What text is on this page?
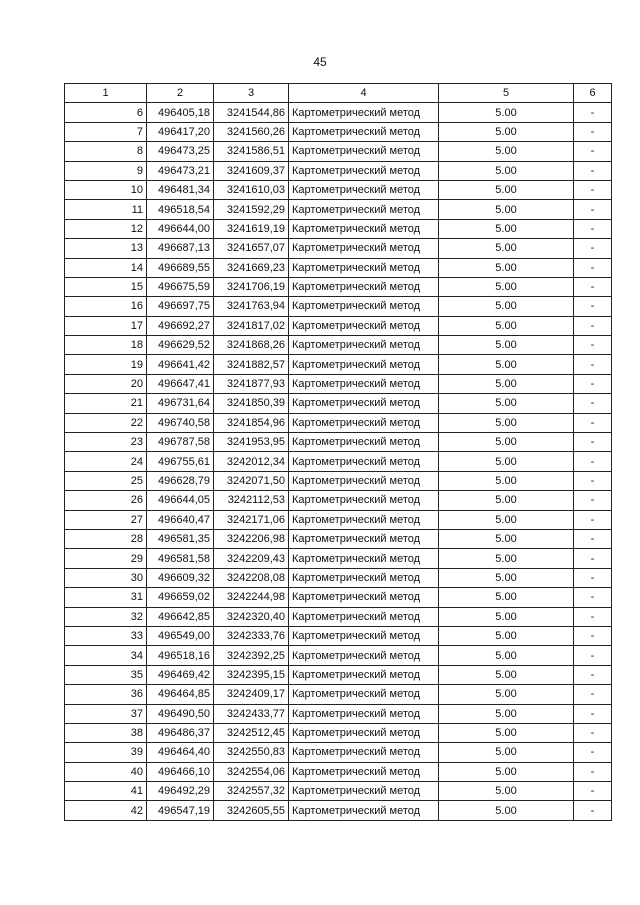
45
1	2	3	4	5	6
6	496405,18	3241544,86	Картометрический метод	5.00	-
7	496417,20	3241560,26	Картометрический метод	5.00	-
8	496473,25	3241586,51	Картометрический метод	5.00	-
9	496473,21	3241609,37	Картометрический метод	5.00	-
10	496481,34	3241610,03	Картометрический метод	5.00	-
11	496518,54	3241592,29	Картометрический метод	5.00	-
12	496644,00	3241619,19	Картометрический метод	5.00	-
13	496687,13	3241657,07	Картометрический метод	5.00	-
14	496689,55	3241669,23	Картометрический метод	5.00	-
15	496675,59	3241706,19	Картометрический метод	5.00	-
16	496697,75	3241763,94	Картометрический метод	5.00	-
17	496692,27	3241817,02	Картометрический метод	5.00	-
18	496629,52	3241868,26	Картометрический метод	5.00	-
19	496641,42	3241882,57	Картометрический метод	5.00	-
20	496647,41	3241877,93	Картометрический метод	5.00	-
21	496731,64	3241850,39	Картометрический метод	5.00	-
22	496740,58	3241854,96	Картометрический метод	5.00	-
23	496787,58	3241953,95	Картометрический метод	5.00	-
24	496755,61	3242012,34	Картометрический метод	5.00	-
25	496628,79	3242071,50	Картометрический метод	5.00	-
26	496644,05	3242112,53	Картометрический метод	5.00	-
27	496640,47	3242171,06	Картометрический метод	5.00	-
28	496581,35	3242206,98	Картометрический метод	5.00	-
29	496581,58	3242209,43	Картометрический метод	5.00	-
30	496609,32	3242208,08	Картометрический метод	5.00	-
31	496659,02	3242244,98	Картометрический метод	5.00	-
32	496642,85	3242320,40	Картометрический метод	5.00	-
33	496549,00	3242333,76	Картометрический метод	5.00	-
34	496518,16	3242392,25	Картометрический метод	5.00	-
35	496469,42	3242395,15	Картометрический метод	5.00	-
36	496464,85	3242409,17	Картометрический метод	5.00	-
37	496490,50	3242433,77	Картометрический метод	5.00	-
38	496486,37	3242512,45	Картометрический метод	5.00	-
39	496464,40	3242550,83	Картометрический метод	5.00	-
40	496466,10	3242554,06	Картометрический метод	5.00	-
41	496492,29	3242557,32	Картометрический метод	5.00	-
42	496547,19	3242605,55	Картометрический метод	5.00	-
